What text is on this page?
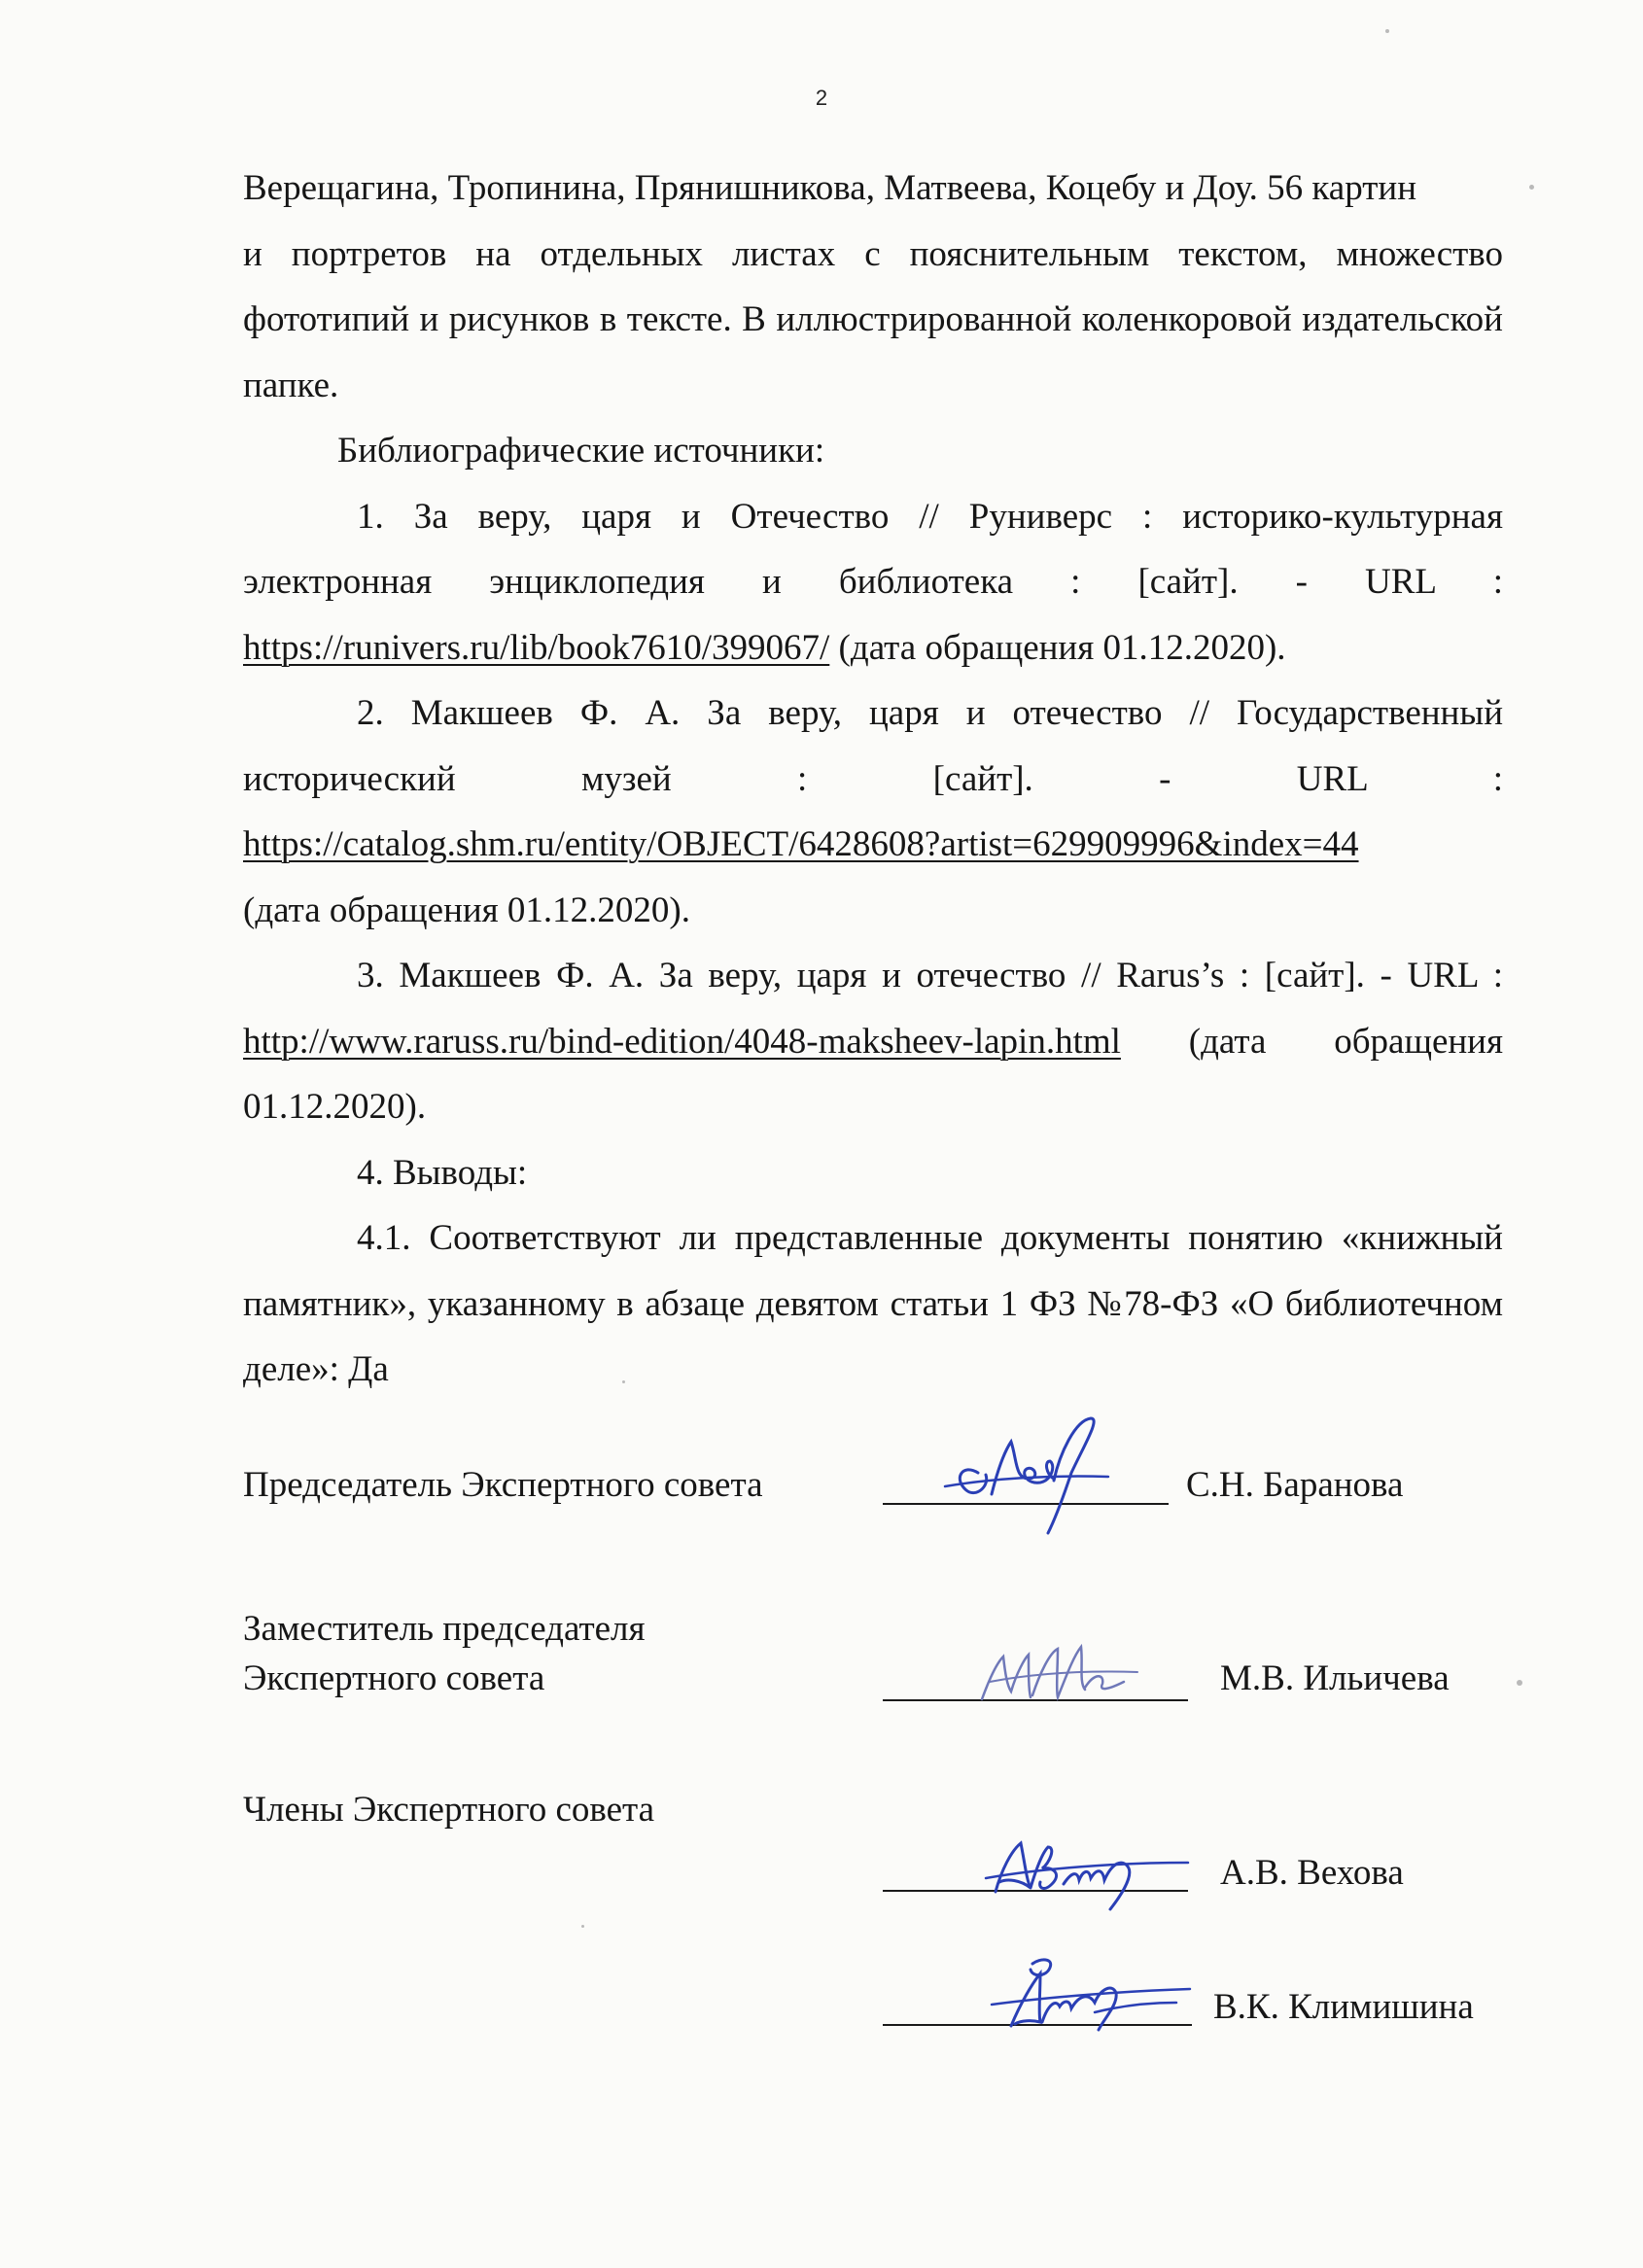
2

Верещагина, Тропинина, Прянишникова, Матвеева, Коцебу и Доу. 56 картин

и портретов на отдельных листах с пояснительным текстом, множество фототипий и рисунков в тексте. В иллюстрированной коленкоровой издательской папке.

Библиографические источники:

1. За веру, царя и Отечество // Руниверс : историко-культурная электронная энциклопедия и библиотека : [сайт]. - URL : https://runivers.ru/lib/book7610/399067/ (дата обращения 01.12.2020).

2. Макшеев Ф. А. За веру, царя и отечество // Государственный исторический музей : [сайт]. - URL : https://catalog.shm.ru/entity/OBJECT/6428608?artist=629909996&index=44

(дата обращения 01.12.2020).

3. Макшеев Ф. А. За веру, царя и отечество // Rarus’s : [сайт]. - URL : http://www.raruss.ru/bind-edition/4048-maksheev-lapin.html (дата обращения 01.12.2020).

4. Выводы:

4.1. Соответствуют ли представленные документы понятию «книжный памятник», указанному в абзаце девятом статьи 1 ФЗ №78-ФЗ «О библиотечном деле»: Да

Председатель Экспертного совета	С.Н. Баранова
Заместитель председателя
Экспертного совета	М.В. Ильичева
Члены Экспертного совета
А.В. Вехова
В.К. Климишина
